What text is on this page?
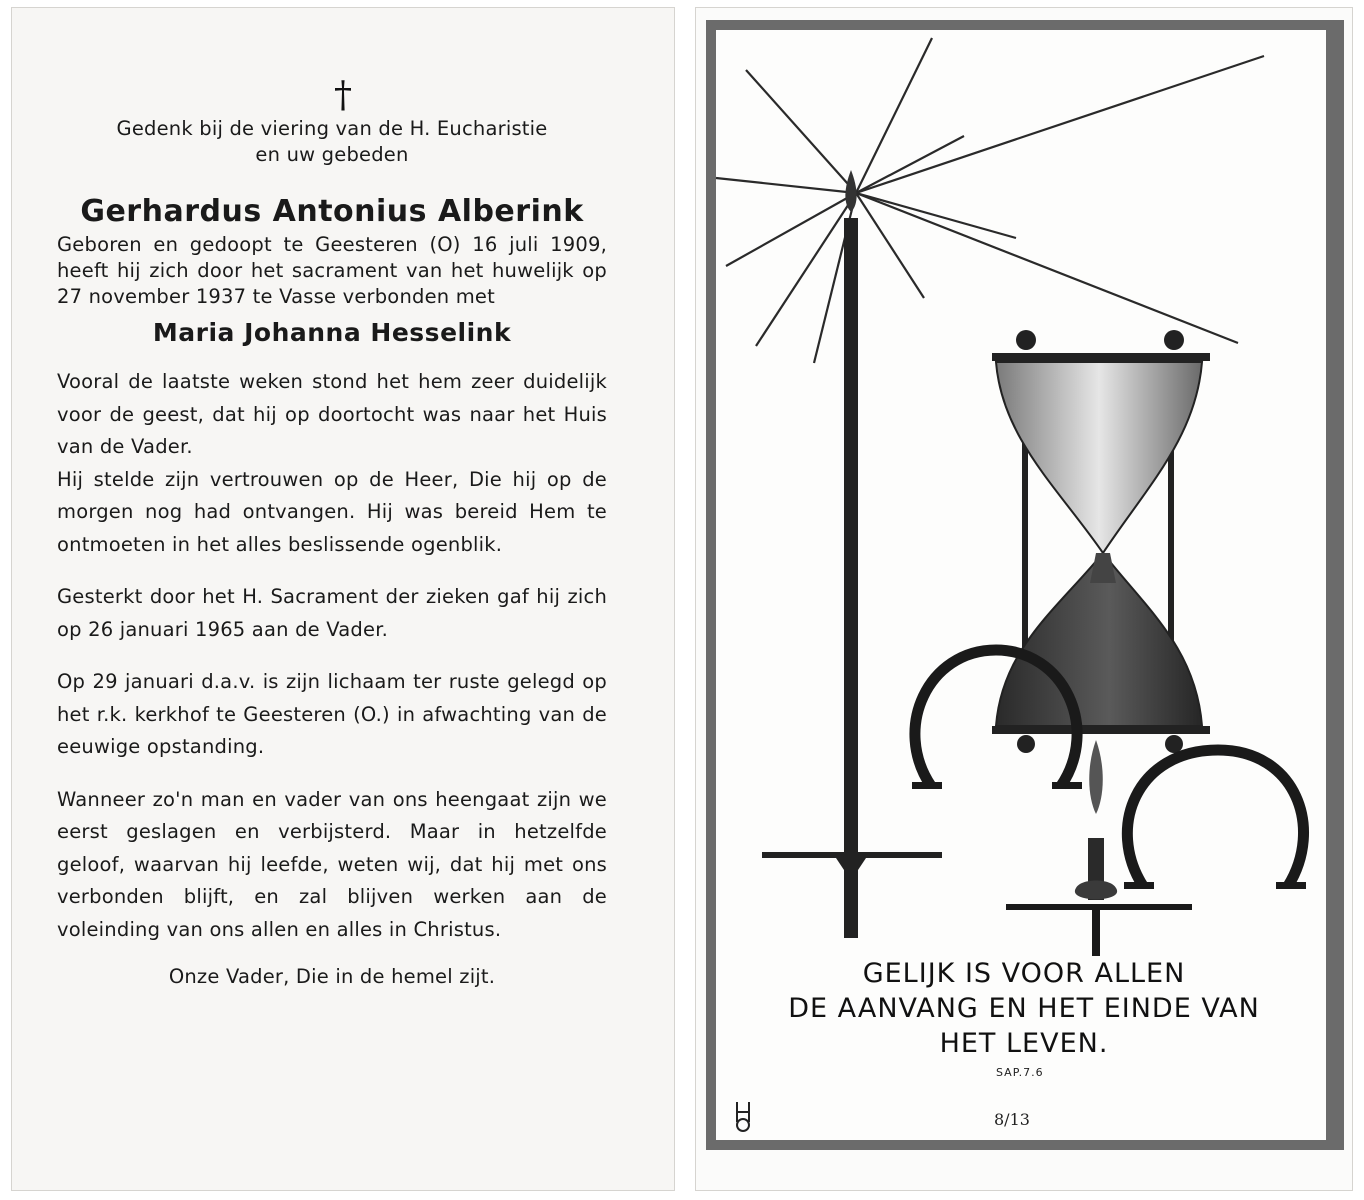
†
Gedenk bij de viering van de H. Eucharistie
en uw gebeden
Gerhardus Antonius Alberink

Geboren en gedoopt te Geesteren (O) 16 juli 1909, heeft hij zich door het sacrament van het huwelijk op 27 november 1937 te Vasse verbonden met

Maria Johanna Hesselink

Vooral de laatste weken stond het hem zeer duidelijk voor de geest, dat hij op doortocht was naar het Huis van de Vader.

Hij stelde zijn vertrouwen op de Heer, Die hij op de morgen nog had ontvangen. Hij was bereid Hem te ontmoeten in het alles beslissende ogenblik.

Gesterkt door het H. Sacrament der zieken gaf hij zich op 26 januari 1965 aan de Vader.

Op 29 januari d.a.v. is zijn lichaam ter ruste gelegd op het r.k. kerkhof te Geesteren (O.) in afwachting van de eeuwige opstanding.

Wanneer zo'n man en vader van ons heengaat zijn we eerst geslagen en verbijsterd. Maar in hetzelfde geloof, waarvan hij leefde, weten wij, dat hij met ons verbonden blijft, en zal blijven werken aan de voleinding van ons allen en alles in Christus.

Onze Vader, Die in de hemel zijt.	GELIJK IS VOOR ALLEN
DE AANVANG EN HET EINDE VAN
HET LEVEN.
SAP.7.6
8/13
